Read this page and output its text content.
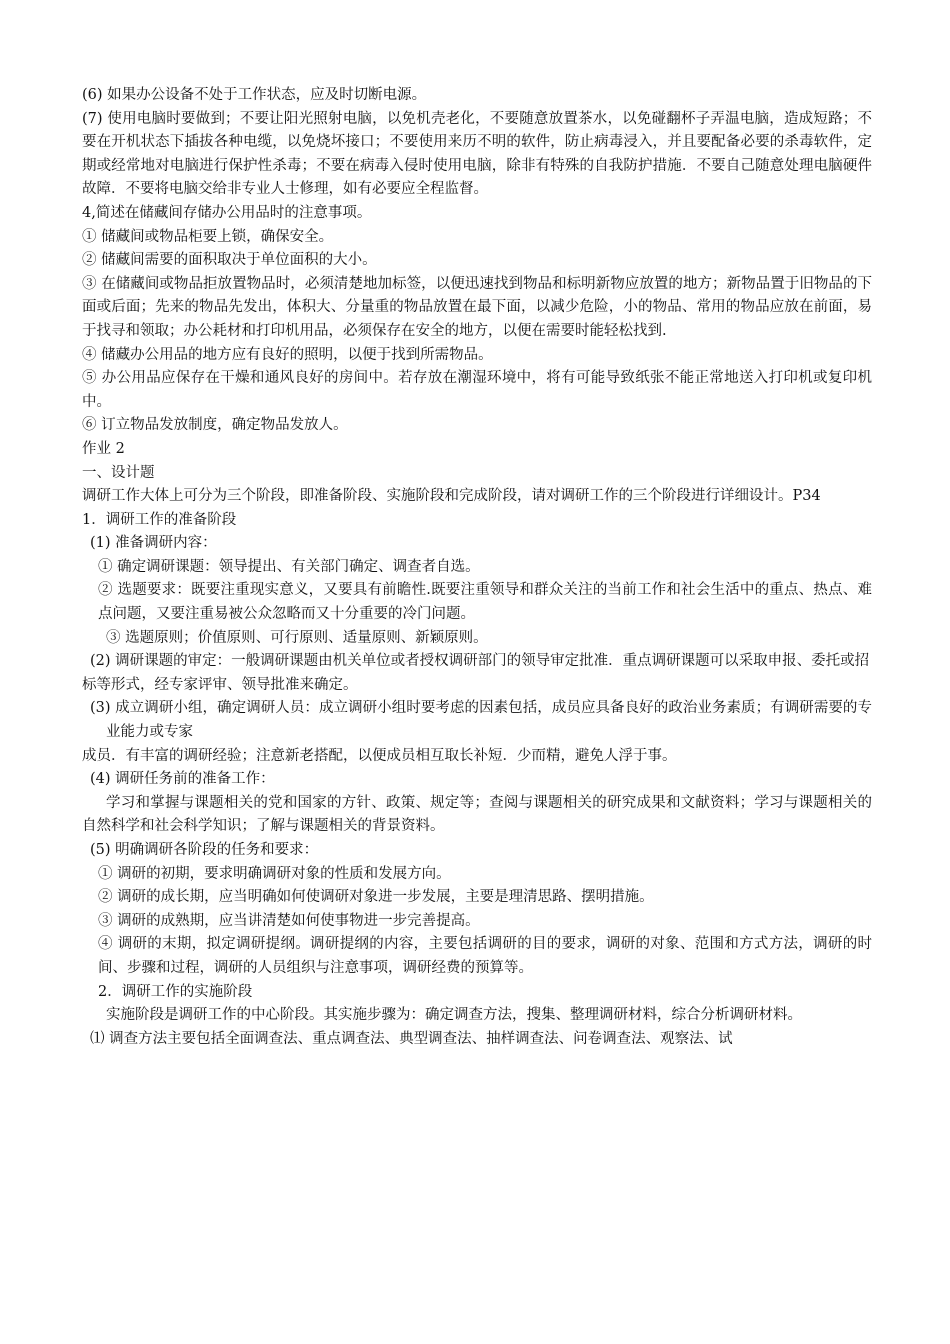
(6) 如果办公设备不处于工作状态，应及时切断电源。

(7) 使用电脑时要做到；不要让阳光照射电脑，以免机壳老化，不要随意放置茶水，以免碰翻杯子弄温电脑，造成短路；不要在开机状态下插拔各种电缆，以免烧坏接口；不要使用来历不明的软件，防止病毒浸入，并且要配备必要的杀毒软件，定期或经常地对电脑进行保护性杀毒；不要在病毒入侵时使用电脑，除非有特殊的自我防护措施．不要自己随意处理电脑硬件故障．不要将电脑交给非专业人士修理，如有必要应全程监督。

4,简述在储藏间存储办公用品时的注意事项。

① 储藏间或物品柜要上锁，确保安全。

② 储藏间需要的面积取决于单位面积的大小。

③ 在储藏间或物品拒放置物品时，必须清楚地加标签，以便迅速找到物品和标明新物应放置的地方；新物品置于旧物品的下面或后面；先来的物品先发出，体积大、分量重的物品放置在最下面，以减少危险，小的物品、常用的物品应放在前面，易于找寻和领取；办公耗材和打印机用品，必须保存在安全的地方，以便在需要时能轻松找到.

④ 储藏办公用品的地方应有良好的照明，以便于找到所需物品。

⑤ 办公用品应保存在干燥和通风良好的房间中。若存放在潮湿环境中，将有可能导致纸张不能正常地送入打印机或复印机中。

⑥ 订立物品发放制度，确定物品发放人。

作业 2

一、设计题

调研工作大体上可分为三个阶段，即准备阶段、实施阶段和完成阶段，请对调研工作的三个阶段进行详细设计。P34

1．调研工作的准备阶段

(1) 准备调研内容：

① 确定调研课题：领导提出、有关部门确定、调查者自选。

② 选题要求：既要注重现实意义，又要具有前瞻性.既要注重领导和群众关注的当前工作和社会生活中的重点、热点、难点问题，又要注重易被公众忽略而又十分重要的冷门问题。

③ 选题原则；价值原则、可行原则、适量原则、新颖原则。

(2) 调研课题的审定：一般调研课题由机关单位或者授权调研部门的领导审定批准．重点调研课题可以采取申报、委托或招

标等形式，经专家评审、领导批准来确定。

(3) 成立调研小组，确定调研人员：成立调研小组时要考虑的因素包括，成员应具备良好的政治业务素质；有调研需要的专业能力或专家

成员．有丰富的调研经验；注意新老搭配，以便成员相互取长补短．少而精，避免人浮于事。

(4) 调研任务前的准备工作：

学习和掌握与课题相关的党和国家的方针、政策、规定等；查阅与课题相关的研究成果和文献资料；学习与课题相关的自然科学和社会科学知识；了解与课题相关的背景资料。

(5) 明确调研各阶段的任务和要求：

① 调研的初期，要求明确调研对象的性质和发展方向。

② 调研的成长期，应当明确如何使调研对象进一步发展，主要是理清思路、摆明措施。

③ 调研的成熟期，应当讲清楚如何使事物进一步完善提高。

④ 调研的末期，拟定调研提纲。调研提纲的内容，主要包括调研的目的要求，调研的对象、范围和方式方法，调研的时间、步骤和过程，调研的人员组织与注意事项，调研经费的预算等。

2．调研工作的实施阶段

实施阶段是调研工作的中心阶段。其实施步骤为：确定调查方法，搜集、整理调研材料，综合分析调研材料。

⑴ 调查方法主要包括全面调查法、重点调查法、典型调查法、抽样调查法、问卷调查法、观察法、试
